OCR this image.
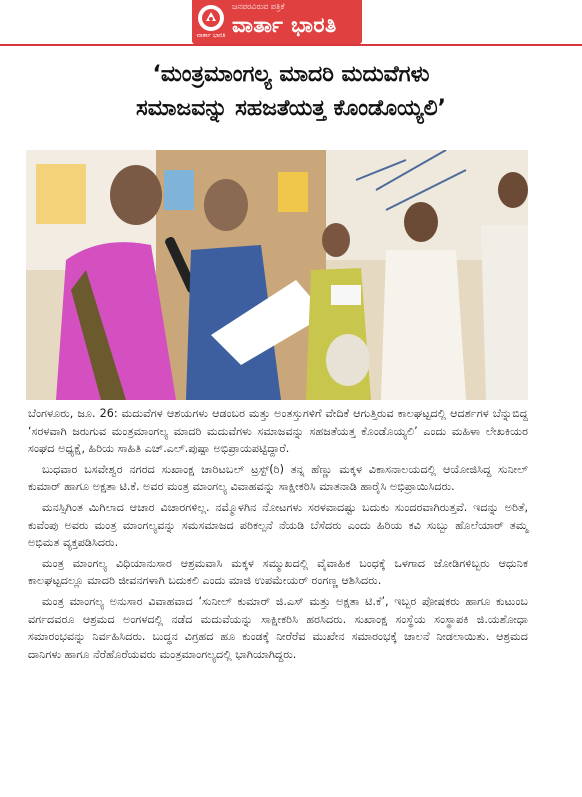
ವಾರ್ತಾ ಭಾರತಿ
ಜನಪರವಿರುವ ಪತ್ರಿಕೆ
ವಾರ್ತಾ ಭಾರತಿ
‘ಮಂತ್ರಮಾಂಗಲ್ಯ ಮಾದರಿ ಮದುವೆಗಳು
ಸಮಾಜವನ್ನು ಸಹಜತೆಯತ್ತ ಕೊಂಡೊಯ್ಯಲಿ’

ಬೆಂಗಳೂರು, ಜೂ. 26: ಮದುವೆಗಳ ಆಶಯಗಳು ಆಡಂಬರ ಮತ್ತು ಅಂತಸ್ತುಗಳಿಗೆ ವೇದಿಕೆ ಆಗುತ್ತಿರುವ ಕಾಲಘಟ್ಟದಲ್ಲಿ ಆದರ್ಶಗಳ ಬೆನ್ನುಬಿದ್ದ ‘ಸರಳವಾಗಿ ಜರುಗುವ ಮಂತ್ರಮಾಂಗಲ್ಯ ಮಾದರಿ ಮದುವೆಗಳು ಸಮಾಜವನ್ನು ಸಹಜತೆಯತ್ತ ಕೊಂಡೊಯ್ಯಲಿ’ ಎಂದು ಮಹಿಳಾ ಲೇಖಕಿಯರ ಸಂಘದ ಅಧ್ಯಕ್ಷೆ, ಹಿರಿಯ ಸಾಹಿತಿ ಎಚ್.ಎಲ್.ಪುಷ್ಪಾ ಅಭಿಪ್ರಾಯಪಟ್ಟಿದ್ದಾರೆ.

ಬುಧವಾರ ಬಸವೇಶ್ವರ ನಗರದ ಸುಖಾಂಕ್ಷ ಚಾರಿಟಬಲ್ ಟ್ರಸ್ಟ್(ರಿ) ತನ್ನ ಹೆಣ್ಣು ಮಕ್ಕಳ ವಿಕಾಸನಾಲಯದಲ್ಲಿ ಆಯೋಜಿಸಿದ್ದ ಸುನೀಲ್ ಕುಮಾರ್ ಹಾಗೂ ಅಕ್ಷತಾ ಟಿ.ಕೆ. ಅವರ ಮಂತ್ರ ಮಾಂಗಲ್ಯ ವಿವಾಹವನ್ನು ಸಾಕ್ಷೀಕರಿಸಿ ಮಾತನಾಡಿ ಹಾರೈಸಿ ಅಭಿಪ್ರಾಯಿಸಿದರು.

ಮನಸ್ಸಿಗಿಂತ ಮಿಗಿಲಾದ ಆಚಾರ ವಿಚಾರಗಳಿಲ್ಲ. ನಮ್ಮೊಳಗಿನ ನೋಟಗಳು ಸರಳವಾದಷ್ಟು ಬದುಕು ಸುಂದರವಾಗಿರುತ್ತವೆ. ಇದನ್ನು ಅರಿತೆ, ಕುವೆಂಪು ಅವರು ಮಂತ್ರ ಮಾಂಗಲ್ಯವನ್ನು ಸಮಸಮಾಜದ ಪರಿಕಲ್ಪನೆ ನೆಯಡಿ ಬೆಸೆದರು ಎಂದು ಹಿರಿಯ ಕವಿ ಸುಬ್ಬು ಹೊಲೆಯಾರ್ ತಮ್ಮ ಅಭಿಮತ ವ್ಯಕ್ತಪಡಿಸಿದರು.

ಮಂತ್ರ ಮಾಂಗಲ್ಯ ವಿಧಿಯಾನುಸಾರ ಆಶ್ರಮವಾಸಿ ಮಕ್ಕಳ ಸಮ್ಮುಖದಲ್ಲಿ ವೈವಾಹಿಕ ಬಂಧಕ್ಕೆ ಒಳಗಾದ ಜೋಡಿಗಳಿಬ್ಬರು ಆಧುನಿಕ ಕಾಲಘಟ್ಟದಲ್ಲೂ ಮಾದರಿ ಜೀವನಗಳಾಗಿ ಬದುಕಲಿ ಎಂದು ಮಾಜಿ ಉಪಮೇಯರ್ ರಂಗಣ್ಣ ಆಶಿಸಿದರು.

ಮಂತ್ರ ಮಾಂಗಲ್ಯ ಅನುಸಾರ ವಿವಾಹವಾದ ‘ಸುನೀಲ್ ಕುಮಾರ್ ಜಿ.ಎಸ್ ಮತ್ತು ಅಕ್ಷತಾ ಟಿ.ಕೆ’, ಇಬ್ಬರ ಪೋಷಕರು ಹಾಗೂ ಕುಟುಂಬ ವರ್ಗದವರೂ ಆಶ್ರಮದ ಅಂಗಳದಲ್ಲಿ ನಡೆದ ಮದುವೆಯನ್ನು ಸಾಕ್ಷೀಕರಿಸಿ ಹರಸಿದರು. ಸುಖಾಂಕ್ಷ ಸಂಸ್ಥೆಯ ಸಂಸ್ಥಾಪಕಿ ಜಿ.ಯಶೋಧಾ ಸಮಾರಂಭವನ್ನು ನಿರ್ವಹಿಸಿದರು. ಬುದ್ಧನ ವಿಗ್ರಹದ ಹೂ ಕುಂಡಕ್ಕೆ ನೀರೆರೆವ ಮುಖೇನ ಸಮಾರಂಭಕ್ಕೆ ಚಾಲನೆ ನೀಡಲಾಯಿತು. ಆಶ್ರಮದ ದಾನಿಗಳು ಹಾಗೂ ನೆರೆಹೊರೆಯವರು ಮಂತ್ರಮಾಂಗಲ್ಯದಲ್ಲಿ ಭಾಗಿಯಾಗಿದ್ದರು.
